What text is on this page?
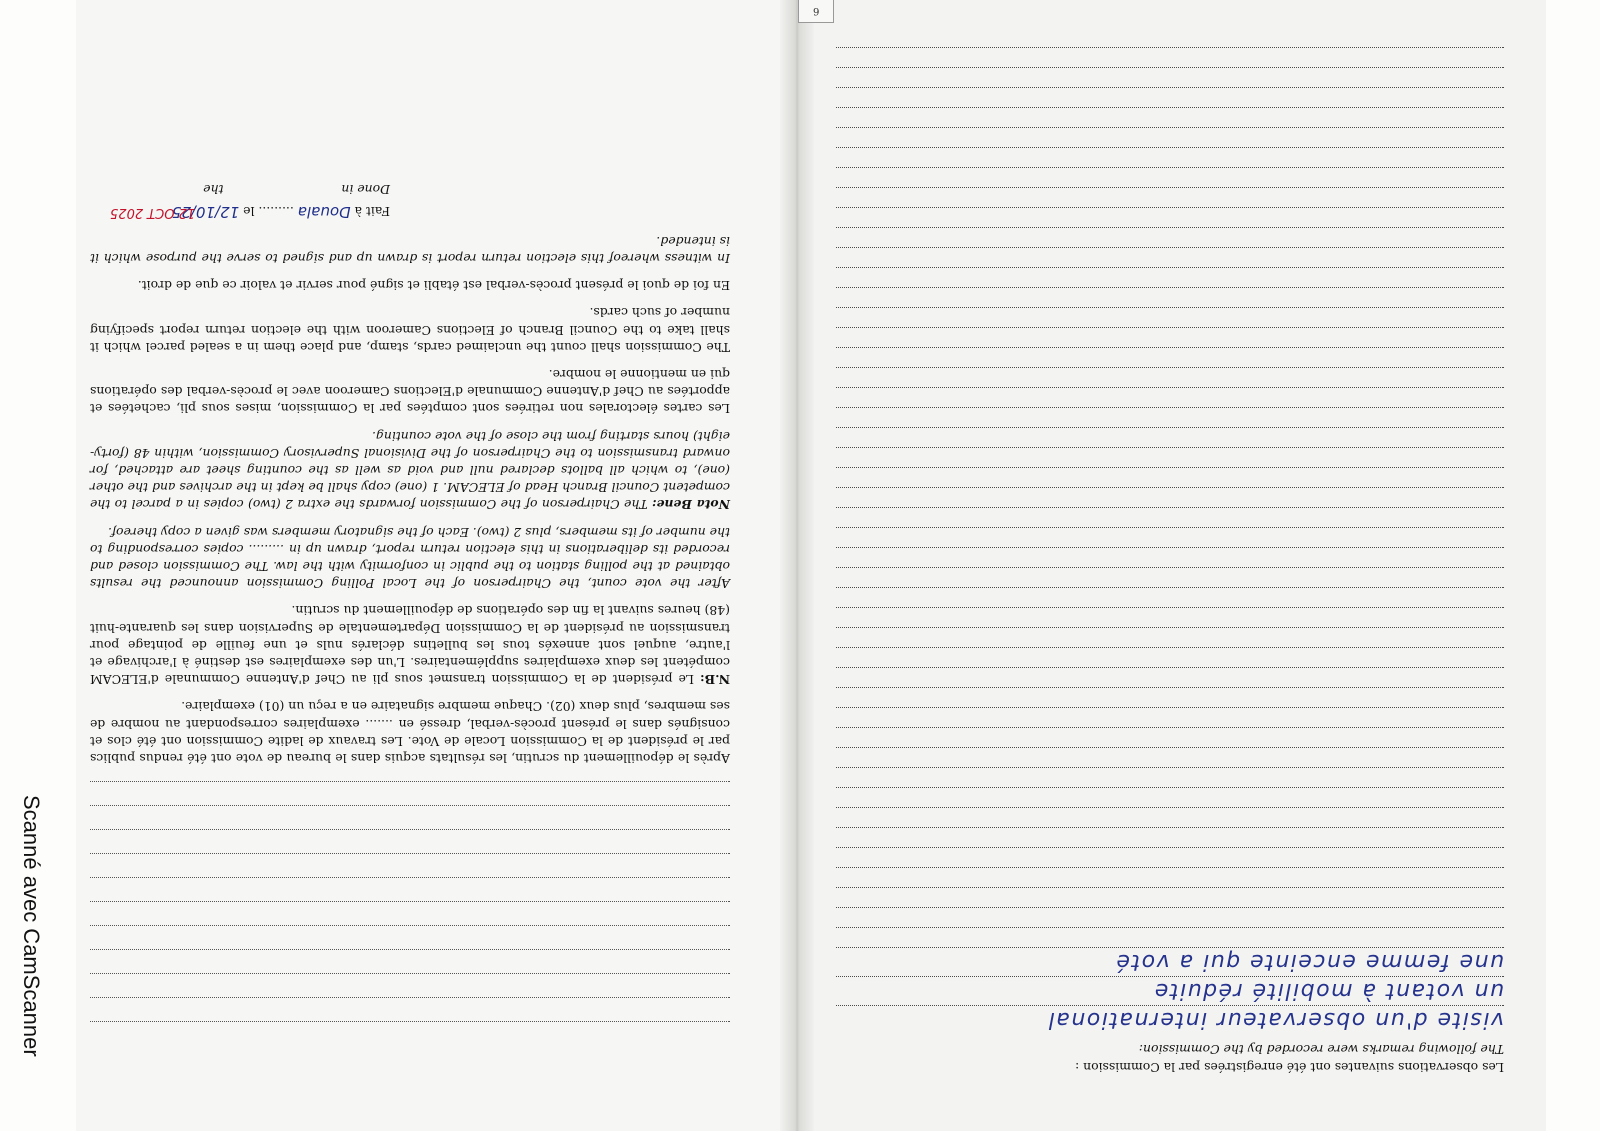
6

Après le dépouillement du scrutin, les résultats acquis dans le bureau de vote ont été rendus publics par le président de la Commission Locale de Vote. Les travaux de ladite Commission ont été clos et consignés dans le présent procès-verbal, dressé en ....... exemplaires correspondant au nombre de ses membres, plus deux (02). Chaque membre signataire en a reçu un (01) exemplaire.

N.B: Le président de la Commission transmet sous pli au Chef d'Antenne Communale d'ELECAM compétent les deux exemplaires supplémentaires. L'un des exemplaires est destiné à l'archivage et l'autre, auquel sont annexés tous les bulletins déclarés nuls et une feuille de pointage pour transmission au président de la Commission Départementale de Supervision dans les quarante-huit (48) heures suivant la fin des opérations de dépouillement du scrutin.

After the vote count, the Chairperson of the Local Polling Commission announced the results obtained at the polling station to the public in conformity with the law. The Commission closed and recorded its deliberations in this election return report, drawn up in ......... copies corresponding to the number of its members, plus 2 (two). Each of the signatory members was given a copy thereof.

Nota Bene: The Chairperson of the Commission forwards the extra 2 (two) copies in a parcel to the competent Council Branch Head of ELECAM. 1 (one) copy shall be kept in the archives and the other (one), to which all ballots declared null and void as well as the counting sheet are attached, for onward transmission to the Chairperson of the Divisional Supervisory Commission, within 48 (forty-eight) hours starting from the close of the vote counting.

Les cartes électorales non retirées sont comptées par la Commission, mises sous pli, cachetées et apportées au Chef d'Antenne Communale d'Elections Cameroon avec le procès-verbal des opérations qui en mentionne le nombre.

The Commission shall count the unclaimed cards, stamp, and place them in a sealed parcel which it shall take to the Council Branch of Elections Cameroon with the election return report specifying number of such cards.

En foi de quoi le présent procès-verbal est établi et signé pour servir et valoir ce que de droit.

In witness whereof this election return report is drawn up and signed to serve the purpose which it is intended.

Fait à Douala ......... le 12/10/25
Done in  the
12 OCT 2025
Les observations suivantes ont été enregistrées par la Commission :
The following remarks were recorded by the Commission:
visite d'un observateur international
un votant à mobilité réduite
une femme enceinte qui a voté
Scanné avec CamScanner
